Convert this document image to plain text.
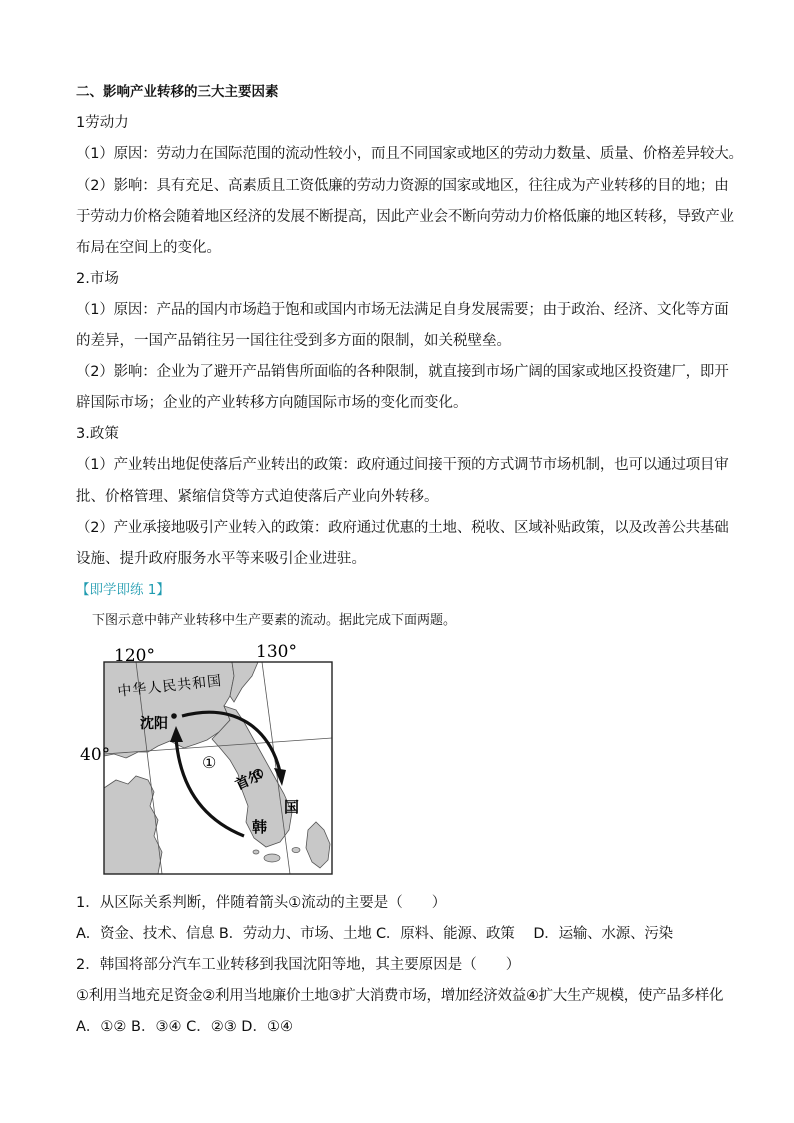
二、影响产业转移的三大主要因素
1劳动力
（1）原因：劳动力在国际范围的流动性较小，而且不同国家或地区的劳动力数量、质量、价格差异较大。
（2）影响：具有充足、高素质且工资低廉的劳动力资源的国家或地区，往往成为产业转移的目的地；由
于劳动力价格会随着地区经济的发展不断提高，因此产业会不断向劳动力价格低廉的地区转移，导致产业
布局在空间上的变化。
2.市场
（1）原因：产品的国内市场趋于饱和或国内市场无法满足自身发展需要；由于政治、经济、文化等方面
的差异，一国产品销往另一国往往受到多方面的限制，如关税壁垒。
（2）影响：企业为了避开产品销售所面临的各种限制，就直接到市场广阔的国家或地区投资建厂，即开
辟国际市场；企业的产业转移方向随国际市场的变化而变化。
3.政策
（1）产业转出地促使落后产业转出的政策：政府通过间接干预的方式调节市场机制，也可以通过项目审
批、价格管理、紧缩信贷等方式迫使落后产业向外转移。
（2）产业承接地吸引产业转入的政策：政府通过优惠的土地、税收、区域补贴政策，以及改善公共基础
设施、提升政府服务水平等来吸引企业进驻。
【即学即练 1】
下图示意中韩产业转移中生产要素的流动。据此完成下面两题。
120°	130°
40°
中华人民共和国
沈阳
①
首尔
韩
国
1．从区际关系判断，伴随着箭头①流动的主要是（　　）
A．资金、技术、信息 B．劳动力、市场、土地 C．原料、能源、政策　 D．运输、水源、污染
2．韩国将部分汽车工业转移到我国沈阳等地，其主要原因是（　　）
①利用当地充足资金②利用当地廉价土地③扩大消费市场，增加经济效益④扩大生产规模，使产品多样化
A．①② B．③④ C．②③ D．①④
